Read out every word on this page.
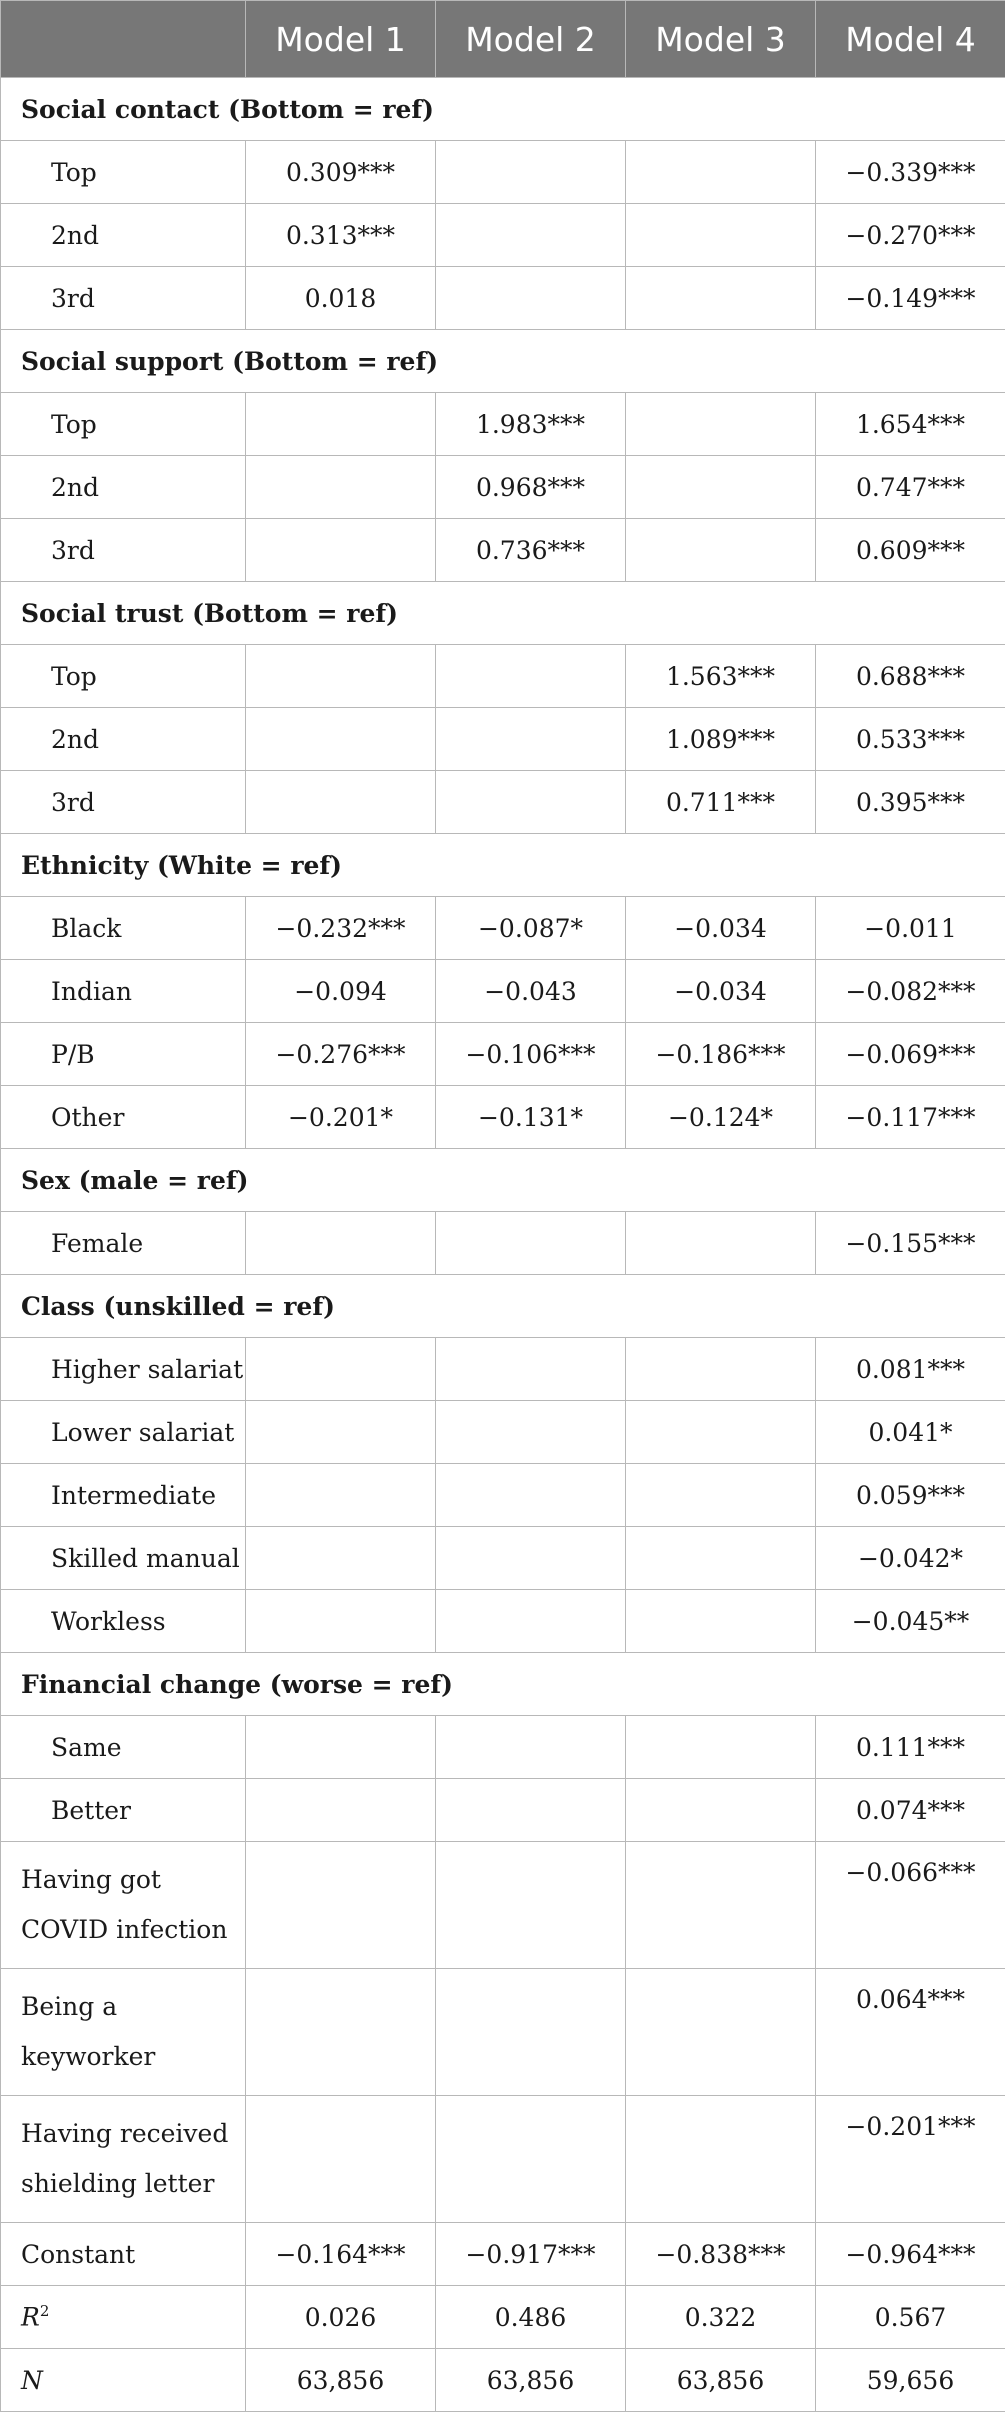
	Model 1	Model 2	Model 3	Model 4
Social contact (Bottom = ref)				
Top	0.309***			−0.339***
2nd	0.313***			−0.270***
3rd	0.018			−0.149***
Social support (Bottom = ref)				
Top		1.983***		1.654***
2nd		0.968***		0.747***
3rd		0.736***		0.609***
Social trust (Bottom = ref)				
Top			1.563***	0.688***
2nd			1.089***	0.533***
3rd			0.711***	0.395***
Ethnicity (White = ref)				
Black	−0.232***	−0.087*	−0.034	−0.011
Indian	−0.094	−0.043	−0.034	−0.082***
P/B	−0.276***	−0.106***	−0.186***	−0.069***
Other	−0.201*	−0.131*	−0.124*	−0.117***
Sex (male = ref)				
Female				−0.155***
Class (unskilled = ref)				
Higher salariat				0.081***
Lower salariat				0.041*
Intermediate				0.059***
Skilled manual				−0.042*
Workless				−0.045**
Financial change (worse = ref)				
Same				0.111***
Better				0.074***
Having got
COVID infection				−0.066***
Being a
keyworker				0.064***
Having received
shielding letter				−0.201***
Constant	−0.164***	−0.917***	−0.838***	−0.964***
$R^2$	0.026	0.486	0.322	0.567
N	63,856	63,856	63,856	59,656
